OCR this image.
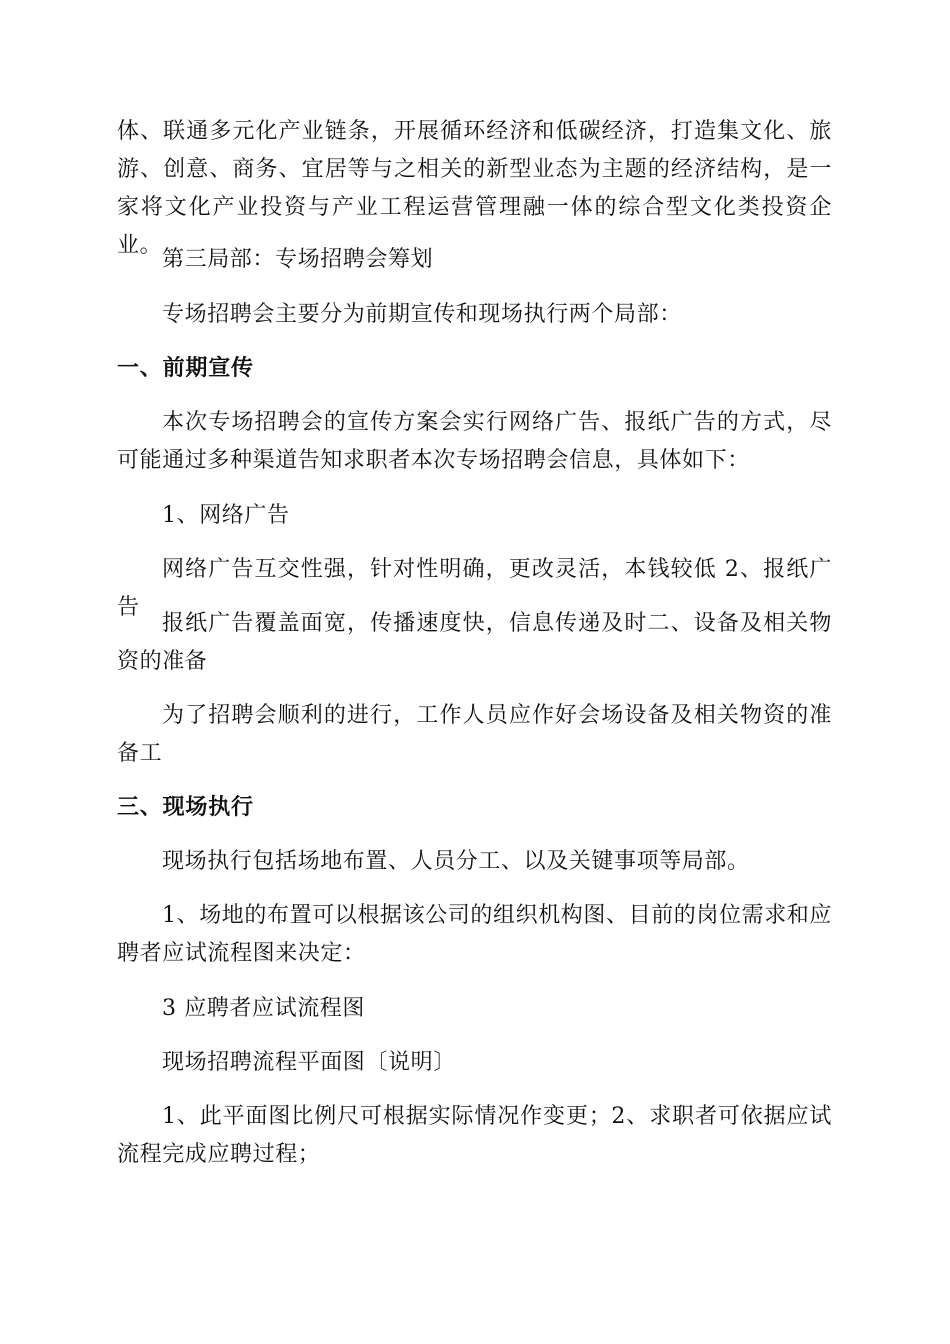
体、联通多元化产业链条，开展循环经济和低碳经济，打造集文化、旅游、创意、商务、宜居等与之相关的新型业态为主题的经济结构，是一家将文化产业投资与产业工程运营管理融一体的综合型文化类投资企业。

第三局部：专场招聘会筹划

专场招聘会主要分为前期宣传和现场执行两个局部：

一、前期宣传

本次专场招聘会的宣传方案会实行网络广告、报纸广告的方式，尽可能通过多种渠道告知求职者本次专场招聘会信息，具体如下：

1、网络广告

网络广告互交性强，针对性明确，更改灵活，本钱较低 2、报纸广告

报纸广告覆盖面宽，传播速度快，信息传递及时二、设备及相关物资的准备

为了招聘会顺利的进行，工作人员应作好会场设备及相关物资的准备工

三、现场执行

现场执行包括场地布置、人员分工、以及关键事项等局部。

1、场地的布置可以根据该公司的组织机构图、目前的岗位需求和应聘者应试流程图来决定：

3 应聘者应试流程图

现场招聘流程平面图〔说明〕

1、此平面图比例尺可根据实际情况作变更；2、求职者可依据应试流程完成应聘过程；
